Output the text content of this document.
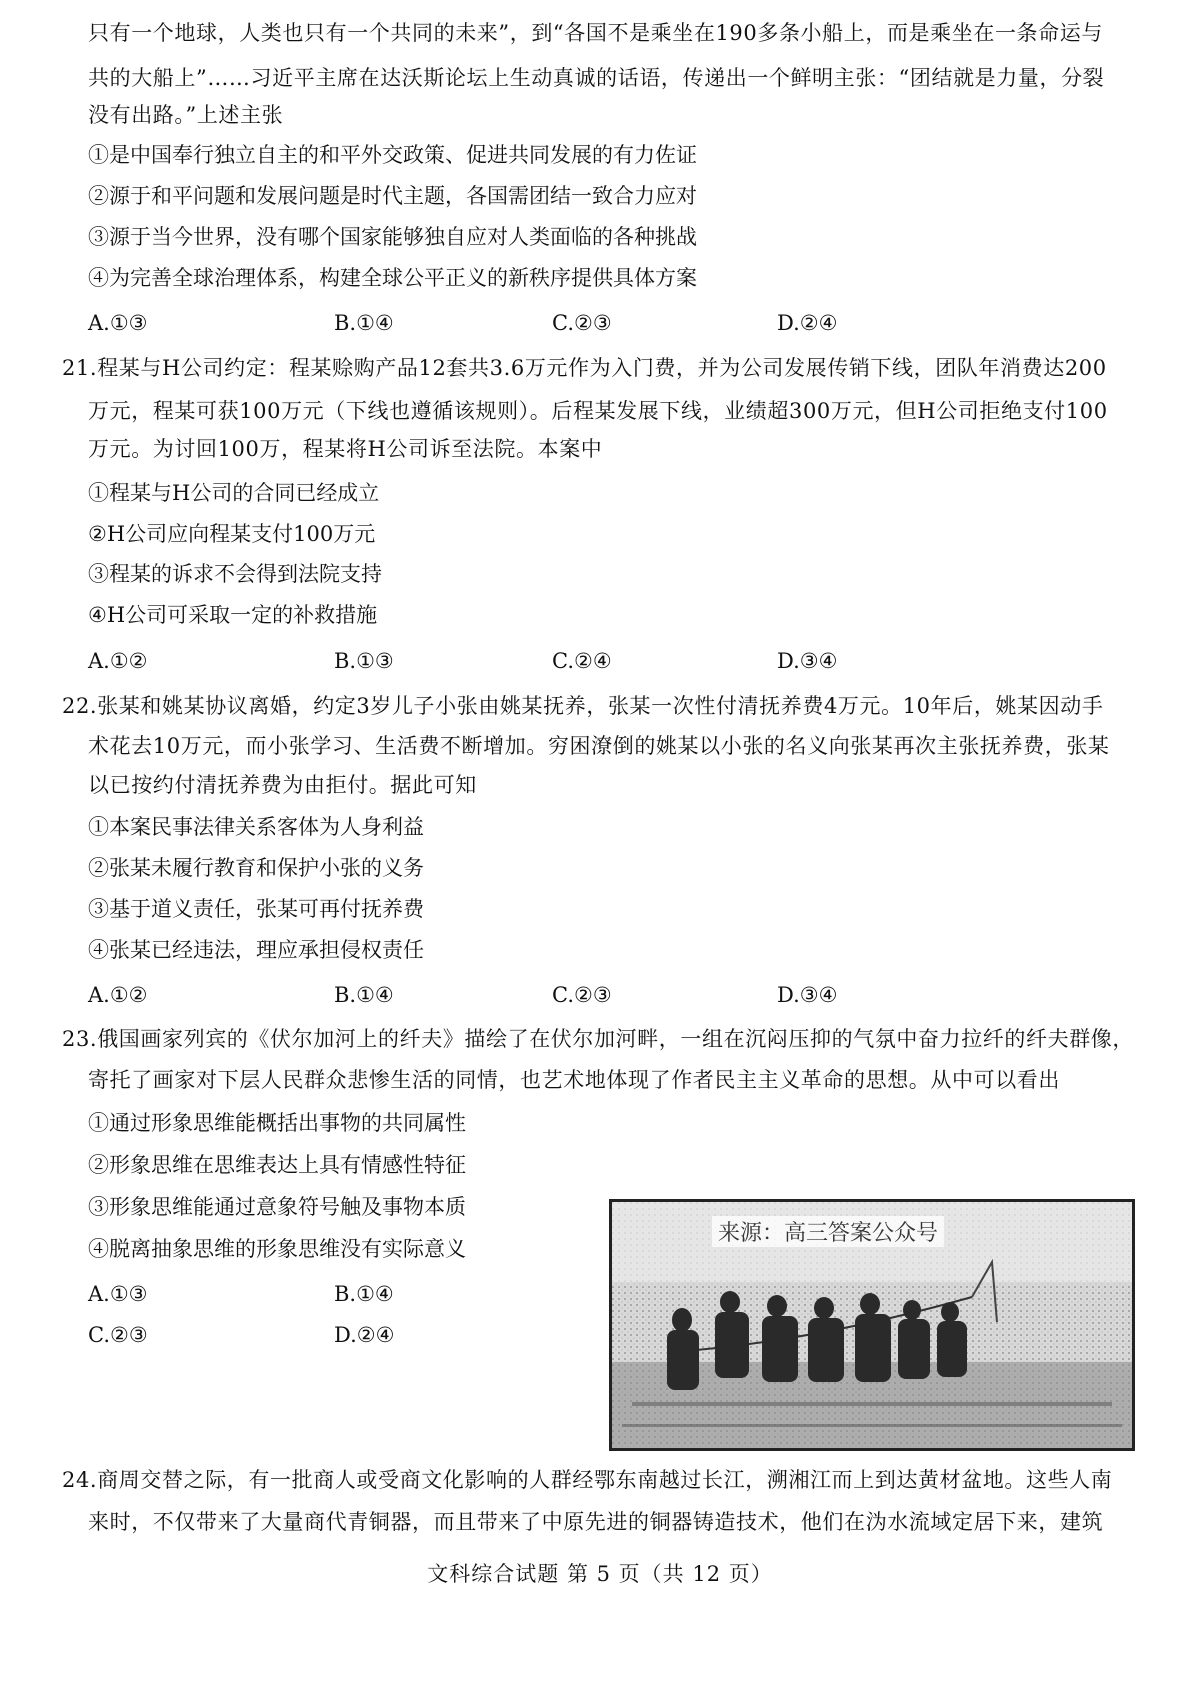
只有一个地球，人类也只有一个共同的未来”，到“各国不是乘坐在190多条小船上，而是乘坐在一条命运与
共的大船上”……习近平主席在达沃斯论坛上生动真诚的话语，传递出一个鲜明主张：“团结就是力量，分裂
没有出路。”上述主张
①是中国奉行独立自主的和平外交政策、促进共同发展的有力佐证
②源于和平问题和发展问题是时代主题，各国需团结一致合力应对
③源于当今世界，没有哪个国家能够独自应对人类面临的各种挑战
④为完善全球治理体系，构建全球公平正义的新秩序提供具体方案
A.①③	B.①④	C.②③	D.②④
21.程某与H公司约定：程某赊购产品12套共3.6万元作为入门费，并为公司发展传销下线，团队年消费达200
万元，程某可获100万元（下线也遵循该规则）。后程某发展下线，业绩超300万元，但H公司拒绝支付100
万元。为讨回100万，程某将H公司诉至法院。本案中
①程某与H公司的合同已经成立
②H公司应向程某支付100万元
③程某的诉求不会得到法院支持
④H公司可采取一定的补救措施
A.①②	B.①③	C.②④	D.③④
22.张某和姚某协议离婚，约定3岁儿子小张由姚某抚养，张某一次性付清抚养费4万元。10年后，姚某因动手
术花去10万元，而小张学习、生活费不断增加。穷困潦倒的姚某以小张的名义向张某再次主张抚养费，张某
以已按约付清抚养费为由拒付。据此可知
①本案民事法律关系客体为人身利益
②张某未履行教育和保护小张的义务
③基于道义责任，张某可再付抚养费
④张某已经违法，理应承担侵权责任
A.①②	B.①④	C.②③	D.③④
23.俄国画家列宾的《伏尔加河上的纤夫》描绘了在伏尔加河畔，一组在沉闷压抑的气氛中奋力拉纤的纤夫群像，
寄托了画家对下层人民群众悲惨生活的同情，也艺术地体现了作者民主主义革命的思想。从中可以看出
①通过形象思维能概括出事物的共同属性
②形象思维在思维表达上具有情感性特征
③形象思维能通过意象符号触及事物本质
④脱离抽象思维的形象思维没有实际意义
A.①③	B.①④
C.②③	D.②④
来源：高三答案公众号
24.商周交替之际，有一批商人或受商文化影响的人群经鄂东南越过长江，溯湘江而上到达黄材盆地。这些人南
来时，不仅带来了大量商代青铜器，而且带来了中原先进的铜器铸造技术，他们在沩水流域定居下来，建筑
文科综合试题 第 5 页（共 12 页）
